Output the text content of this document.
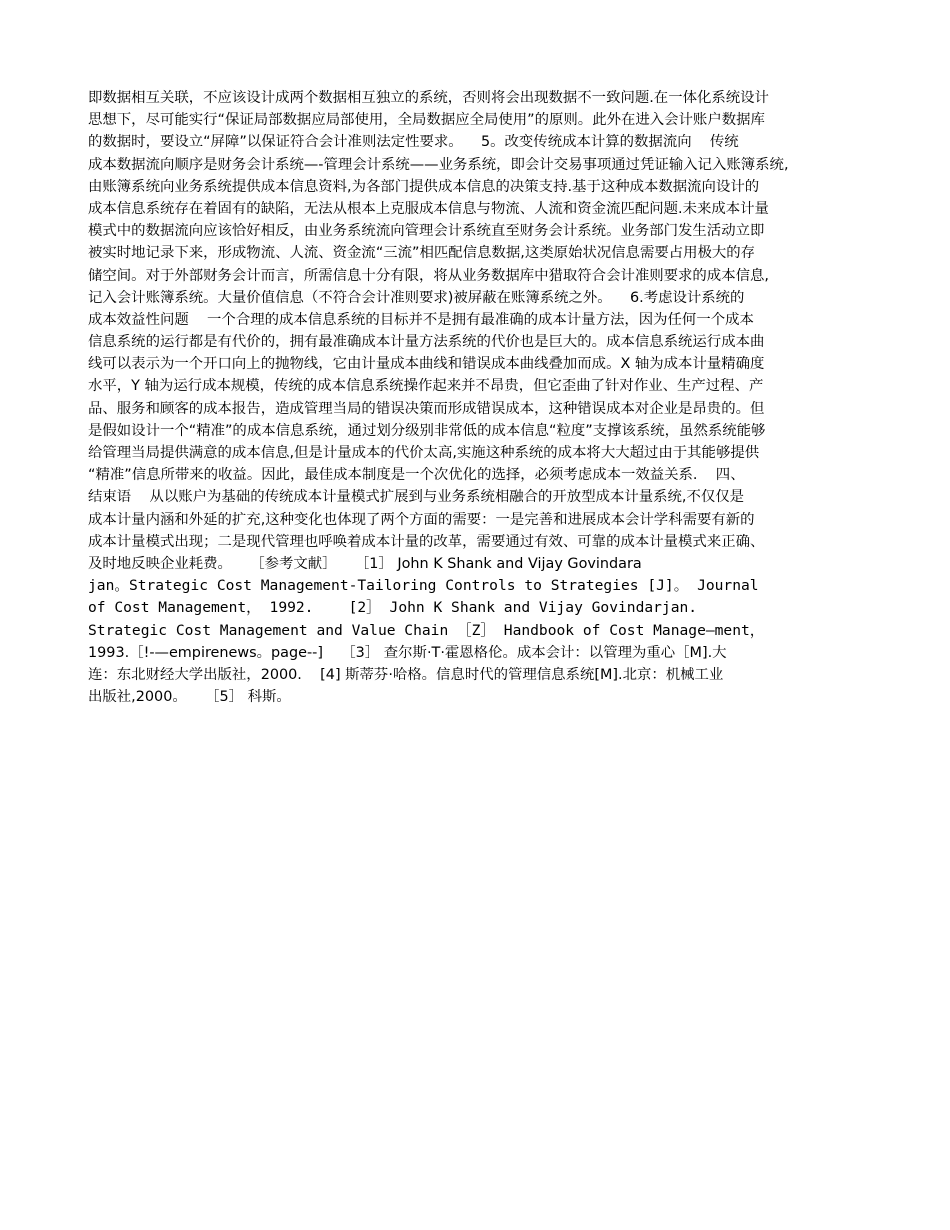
即数据相互关联，不应该设计成两个数据相互独立的系统，否则将会出现数据不一致问题.在一体化系统设计
思想下，尽可能实行“保证局部数据应局部使用，全局数据应全局使用”的原则。此外在进入会计账户数据库
的数据时，要设立“屏障”以保证符合会计准则法定性要求。    5。改变传统成本计算的数据流向    传统
成本数据流向顺序是财务会计系统—-管理会计系统——业务系统，即会计交易事项通过凭证输入记入账簿系统,
由账簿系统向业务系统提供成本信息资料,为各部门提供成本信息的决策支持.基于这种成本数据流向设计的
成本信息系统存在着固有的缺陷，无法从根本上克服成本信息与物流、人流和资金流匹配问题.未来成本计量
模式中的数据流向应该恰好相反，由业务系统流向管理会计系统直至财务会计系统。业务部门发生活动立即
被实时地记录下来，形成物流、人流、资金流“三流”相匹配信息数据,这类原始状况信息需要占用极大的存
储空间。对于外部财务会计而言，所需信息十分有限，将从业务数据库中猎取符合会计准则要求的成本信息,
记入会计账簿系统。大量价值信息（不符合会计准则要求)被屏蔽在账簿系统之外。    6.考虑设计系统的
成本效益性问题    一个合理的成本信息系统的目标并不是拥有最准确的成本计量方法，因为任何一个成本
信息系统的运行都是有代价的，拥有最准确成本计量方法系统的代价也是巨大的。成本信息系统运行成本曲
线可以表示为一个开口向上的抛物线，它由计量成本曲线和错误成本曲线叠加而成。X 轴为成本计量精确度
水平，Y 轴为运行成本规模，传统的成本信息系统操作起来并不昂贵，但它歪曲了针对作业、生产过程、产
品、服务和顾客的成本报告，造成管理当局的错误决策而形成错误成本，这种错误成本对企业是昂贵的。但
是假如设计一个“精准”的成本信息系统，通过划分级别非常低的成本信息“粒度”支撑该系统，虽然系统能够
给管理当局提供满意的成本信息,但是计量成本的代价太高,实施这种系统的成本将大大超过由于其能够提供
“精准”信息所带来的收益。因此，最佳成本制度是一个次优化的选择，必须考虑成本一效益关系.    四、
结束语    从以账户为基础的传统成本计量模式扩展到与业务系统相融合的开放型成本计量系统,不仅仅是
成本计量内涵和外延的扩充,这种变化也体现了两个方面的需要：一是完善和进展成本会计学科需要有新的
成本计量模式出现；二是现代管理也呼唤着成本计量的改革，需要通过有效、可靠的成本计量模式来正确、
及时地反映企业耗费。    ［参考文献］    ［1］ John K Shank and Vijay Govindara
jan。Strategic Cost Management-Tailoring Controls to Strategies [J]。 Journal
of Cost Management， 1992.    [2］ John K Shank and Vijay Govindarjan.
Strategic Cost Management and Value Chain ［Z］ Handbook of Cost Manage—ment，
1993.［!-—empirenews。page--]    ［3］ 查尔斯·T·霍恩格伦。成本会计：以管理为重心［M].大
连：东北财经大学出版社，2000.    [4] 斯蒂芬·哈格。信息时代的管理信息系统[M].北京：机械工业
出版社,2000。    ［5］ 科斯。
